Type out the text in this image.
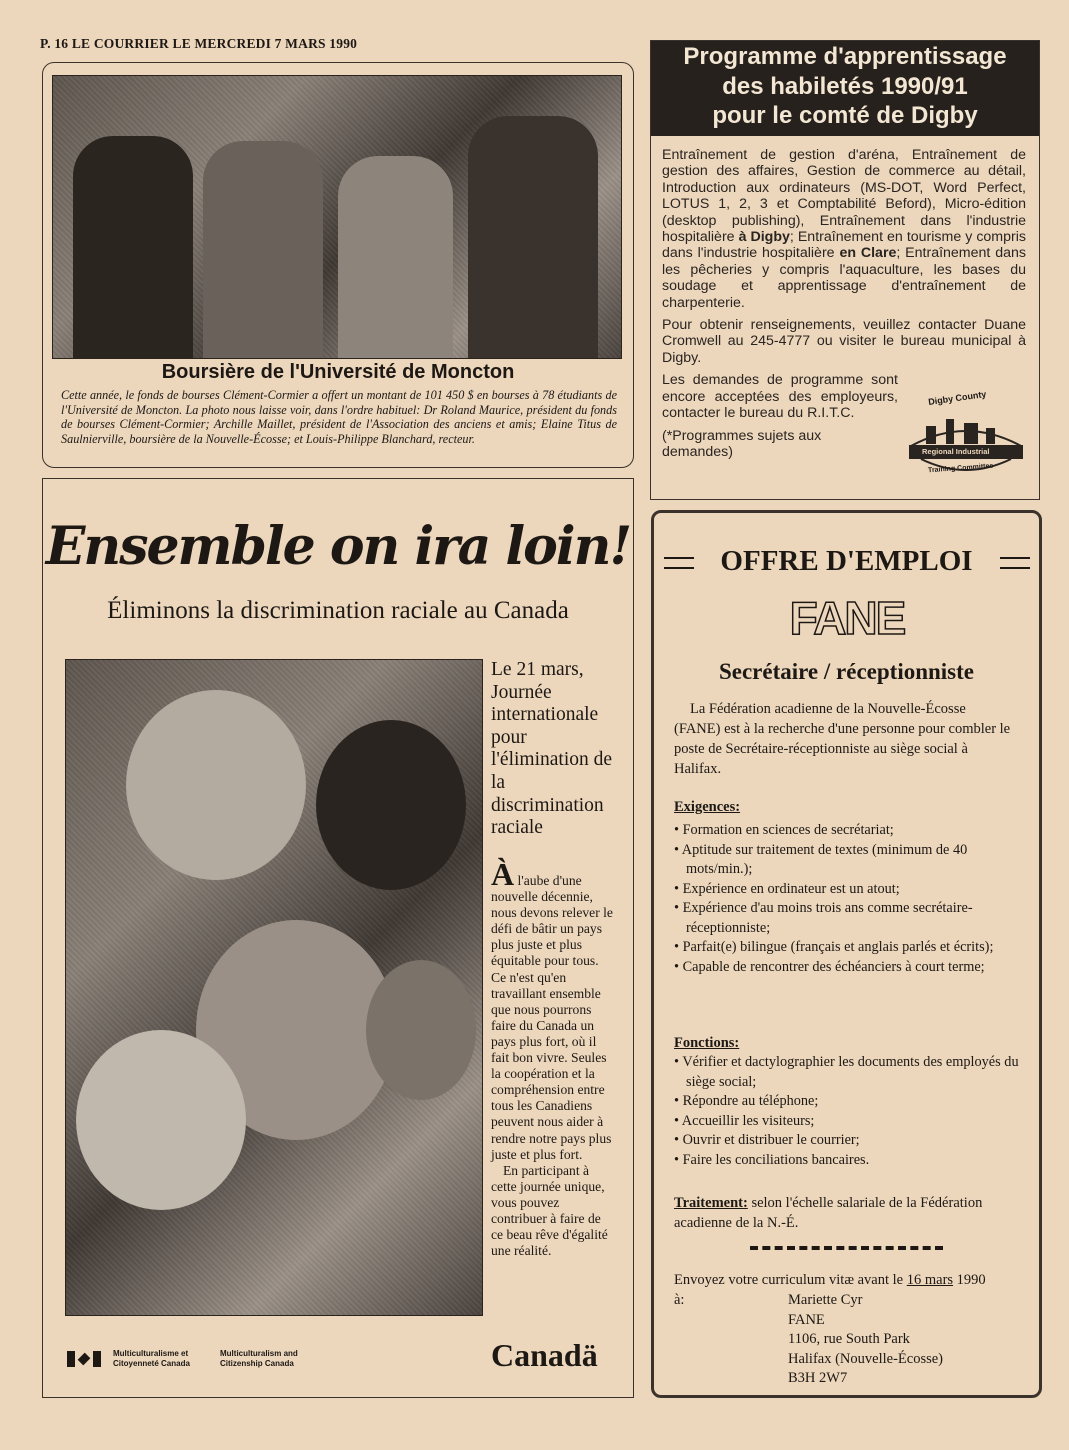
P. 16 LE COURRIER LE MERCREDI 7 MARS 1990
Boursière de l'Université de Moncton
Cette année, le fonds de bourses Clément-Cormier a offert un montant de 101 450 $ en bourses à 78 étudiants de l'Université de Moncton. La photo nous laisse voir, dans l'ordre habituel: Dr Roland Maurice, président du fonds de bourses Clément-Cormier; Archille Maillet, président de l'Association des anciens et amis; Elaine Titus de Saulnierville, boursière de la Nouvelle-Écosse; et Louis-Philippe Blanchard, recteur.
Programme d'apprentissage
des habiletés 1990/91
pour le comté de Digby

Entraînement de gestion d'aréna, Entraînement de gestion des affaires, Gestion de commerce au détail, Introduction aux ordinateurs (MS-DOT, Word Perfect, LOTUS 1, 2, 3 et Comptabilité Beford), Micro-édition (desktop publishing), Entraînement dans l'industrie hospitalière à Digby; Entraînement en tourisme y compris dans l'industrie hospitalière en Clare; Entraînement dans les pêcheries y compris l'aquaculture, les bases du soudage et apprentissage d'entraînement de charpenterie.

Pour obtenir renseignements, veuillez contacter Duane Cromwell au 245-4777 ou visiter le bureau municipal à Digby.

Les demandes de programme sont encore acceptées des employeurs, contacter le bureau du R.I.T.C.

(*Programmes sujets aux demandes)

Digby County
Regional Industrial
Training Committee
Ensemble on ira loin!
Éliminons la discrimination raciale au Canada
Le 21 mars, Journée internationale pour l'élimination de la discrimination raciale
À l'aube d'une nouvelle décennie, nous devons relever le défi de bâtir un pays plus juste et plus équitable pour tous. Ce n'est qu'en travaillant ensemble que nous pourrons faire du Canada un pays plus fort, où il fait bon vivre. Seules la coopération et la compréhension entre tous les Canadiens peuvent nous aider à rendre notre pays plus juste et plus fort.
En participant à cette journée unique, vous pouvez contribuer à faire de ce beau rêve d'égalité une réalité.
Multiculturalisme et Citoyenneté Canada
Multiculturalism and Citizenship Canada	Canadä
OFFRE D'EMPLOI
FANE
Secrétaire / réceptionniste
La Fédération acadienne de la Nouvelle-Écosse (FANE) est à la recherche d'une personne pour combler le poste de Secrétaire-réceptionniste au siège social à Halifax.
Exigences:
• Formation en sciences de secrétariat;
• Aptitude sur traitement de textes (minimum de 40 mots/min.);
• Expérience en ordinateur est un atout;
• Expérience d'au moins trois ans comme secrétaire-réceptionniste;
• Parfait(e) bilingue (français et anglais parlés et écrits);
• Capable de rencontrer des échéanciers à court terme;
Fonctions:
• Vérifier et dactylographier les documents des employés du siège social;
• Répondre au téléphone;
• Accueillir les visiteurs;
• Ouvrir et distribuer le courrier;
• Faire les conciliations bancaires.
Traitement: selon l'échelle salariale de la Fédération acadienne de la N.-É.
Envoyez votre curriculum vitæ avant le 16 mars 1990
à:	Mariette Cyr
FANE
1106, rue South Park
Halifax (Nouvelle-Écosse)
B3H 2W7
